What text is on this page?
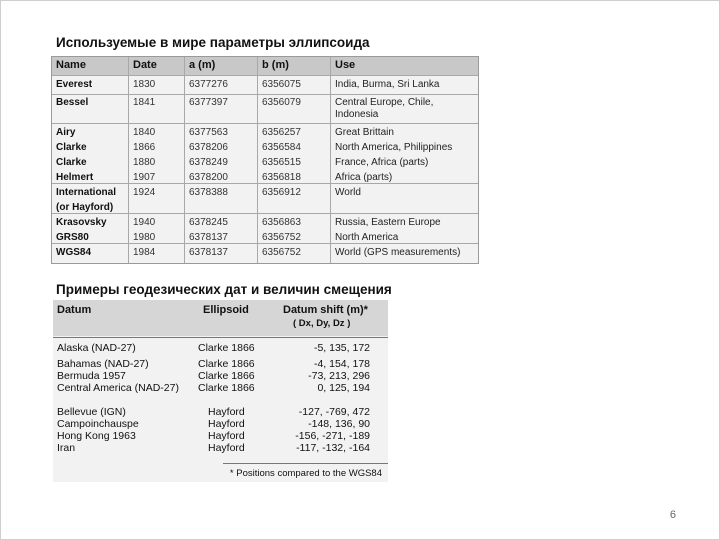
Используемые в мире параметры эллипсоида
Name	Date	a (m)	b (m)	Use
Everest	1830	6377276	6356075	India, Burma, Sri Lanka
Bessel	1841	6377397	6356079	Central Europe, Chile,
Indonesia
Airy	1840	6377563	6356257	Great Brittain
Clarke	1866	6378206	6356584	North America, Philippines
Clarke	1880	6378249	6356515	France, Africa (parts)
Helmert	1907	6378200	6356818	Africa (parts)
International 1924	6378388	6356912	World
(or Hayford)
Krasovsky	1940	6378245	6356863	Russia, Eastern Europe
GRS80	1980	6378137	6356752	North America
WGS84	1984	6378137	6356752	World (GPS measurements)
Примеры геодезических дат и величин смещения
Datum	Ellipsoid	Datum shift (m)*
( Dx, Dy, Dz )
Alaska (NAD-27)	Clarke 1866	-5, 135, 172
Bahamas (NAD-27)	Clarke 1866	-4, 154, 178
Bermuda 1957	Clarke 1866	-73, 213, 296
Central America (NAD-27) Clarke 1866	0, 125, 194
Bellevue (IGN)	Hayford	-127, -769, 472
Campoinchauspe	Hayford	-148, 136, 90
Hong Kong 1963	Hayford	-156, -271, -189
Iran	Hayford	-117, -132, -164
* Positions compared to the WGS84
6
